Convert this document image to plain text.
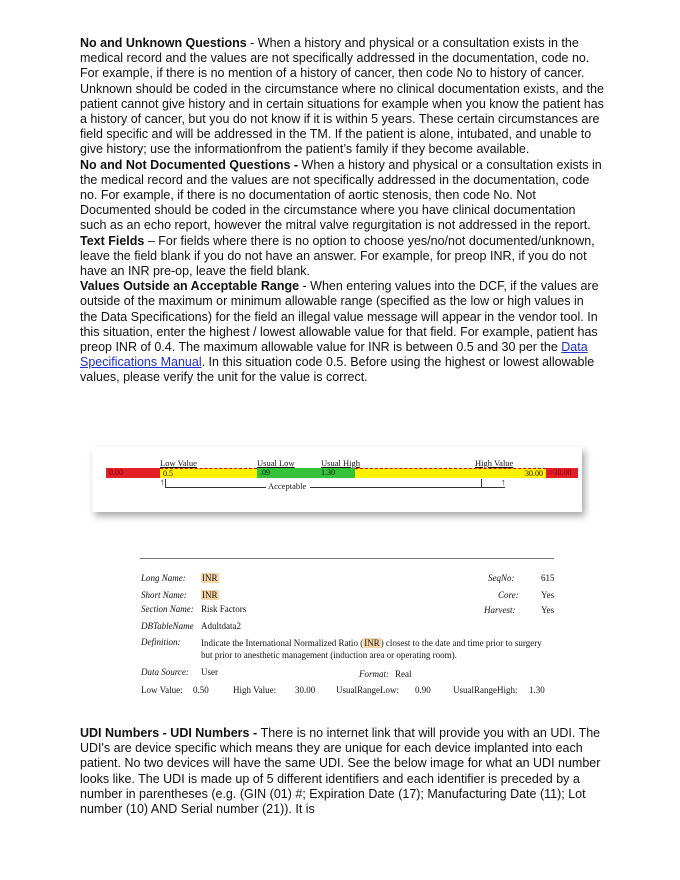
No and Unknown Questions - When a history and physical or a consultation exists in the medical record and the values are not specifically addressed in the documentation, code no. For example, if there is no mention of a history of cancer, then code No to history of cancer. Unknown should be coded in the circumstance where no clinical documentation exists, and the patient cannot give history and in certain situations for example when you know the patient has a history of cancer, but you do not know if it is within 5 years. These certain circumstances are field specific and will be addressed in the TM. If the patient is alone, intubated, and unable to give history; use the informationfrom the patient’s family if they become available.

No and Not Documented Questions - When a history and physical or a consultation exists in the medical record and the values are not specifically addressed in the documentation, code no. For example, if there is no documentation of aortic stenosis, then code No. Not Documented should be coded in the circumstance where you have clinical documentation such as an echo report, however the mitral valve regurgitation is not addressed in the report.

Text Fields – For fields where there is no option to choose yes/no/not documented/unknown, leave the field blank if you do not have an answer. For example, for preop INR, if you do not have an INR pre-op, leave the field blank.

Values Outside an Acceptable Range - When entering values into the DCF, if the values are outside of the maximum or minimum allowable range (specified as the low or high values in the Data Specifications) for the field an illegal value message will appear in the vendor tool. In this situation, enter the highest / lowest allowable value for that field. For example, patient has preop INR of 0.4. The maximum allowable value for INR is between 0.5 and 30 per the Data Specifications Manual. In this situation code 0.5. Before using the highest or lowest allowable values, please verify the unit for the value is correct.

Low Value	Usual Low	Usual High	High Value
0.00	0.5	.09	1.30	30.00 >30.00
↑	↑
Acceptable
Long Name: INR
Short Name: INR
Section Name: Risk Factors
DBTableName Adultdata2
Definition: Indicate the International Normalized Ratio (INR) closest to the date and time prior to surgery
but prior to anesthetic management (induction area or operating room).
Data Source: User	Format: Real
SeqNo:	615
Core: Yes
Harvest:	Yes
Low Value: 0.50	High Value: 30.00 UsualRangeLow: 0.90 UsualRangeHigh: 1.30

UDI Numbers - UDI Numbers - There is no internet link that will provide you with an UDI. The UDI's are device specific which means they are unique for each device implanted into each patient. No two devices will have the same UDI. See the below image for what an UDI number looks like. The UDI is made up of 5 different identifiers and each identifier is preceded by a number in parentheses (e.g. (GIN (01) #; Expiration Date (17); Manufacturing Date (11); Lot number (10) AND Serial number (21)). It is
